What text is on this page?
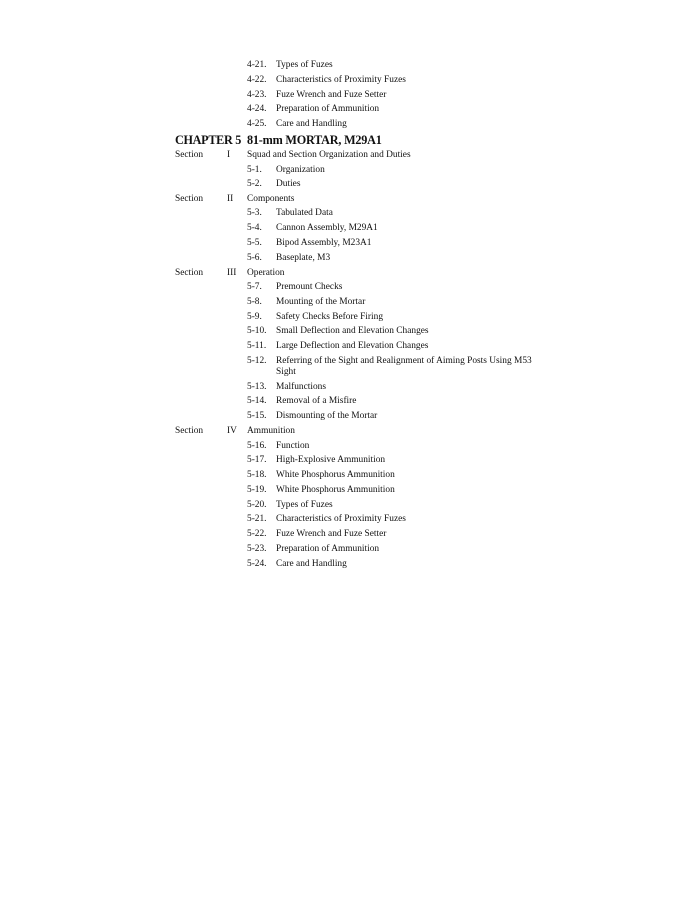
4-21. Types of Fuzes
4-22. Characteristics of Proximity Fuzes
4-23. Fuze Wrench and Fuze Setter
4-24. Preparation of Ammunition
4-25. Care and Handling
CHAPTER 5 81-mm MORTAR, M29A1
Section	I Squad and Section Organization and Duties
5-1. Organization
5-2. Duties
Section	II Components
5-3. Tabulated Data
5-4. Cannon Assembly, M29A1
5-5. Bipod Assembly, M23A1
5-6. Baseplate, M3
Section	III Operation
5-7. Premount Checks
5-8. Mounting of the Mortar
5-9. Safety Checks Before Firing
5-10. Small Deflection and Elevation Changes
5-11. Large Deflection and Elevation Changes
5-12. Referring of the Sight and Realignment of Aiming Posts Using M53 Sight
5-13. Malfunctions
5-14. Removal of a Misfire
5-15. Dismounting of the Mortar
Section	IV Ammunition
5-16. Function
5-17. High-Explosive Ammunition
5-18. White Phosphorus Ammunition
5-19. White Phosphorus Ammunition
5-20. Types of Fuzes
5-21. Characteristics of Proximity Fuzes
5-22. Fuze Wrench and Fuze Setter
5-23. Preparation of Ammunition
5-24. Care and Handling
